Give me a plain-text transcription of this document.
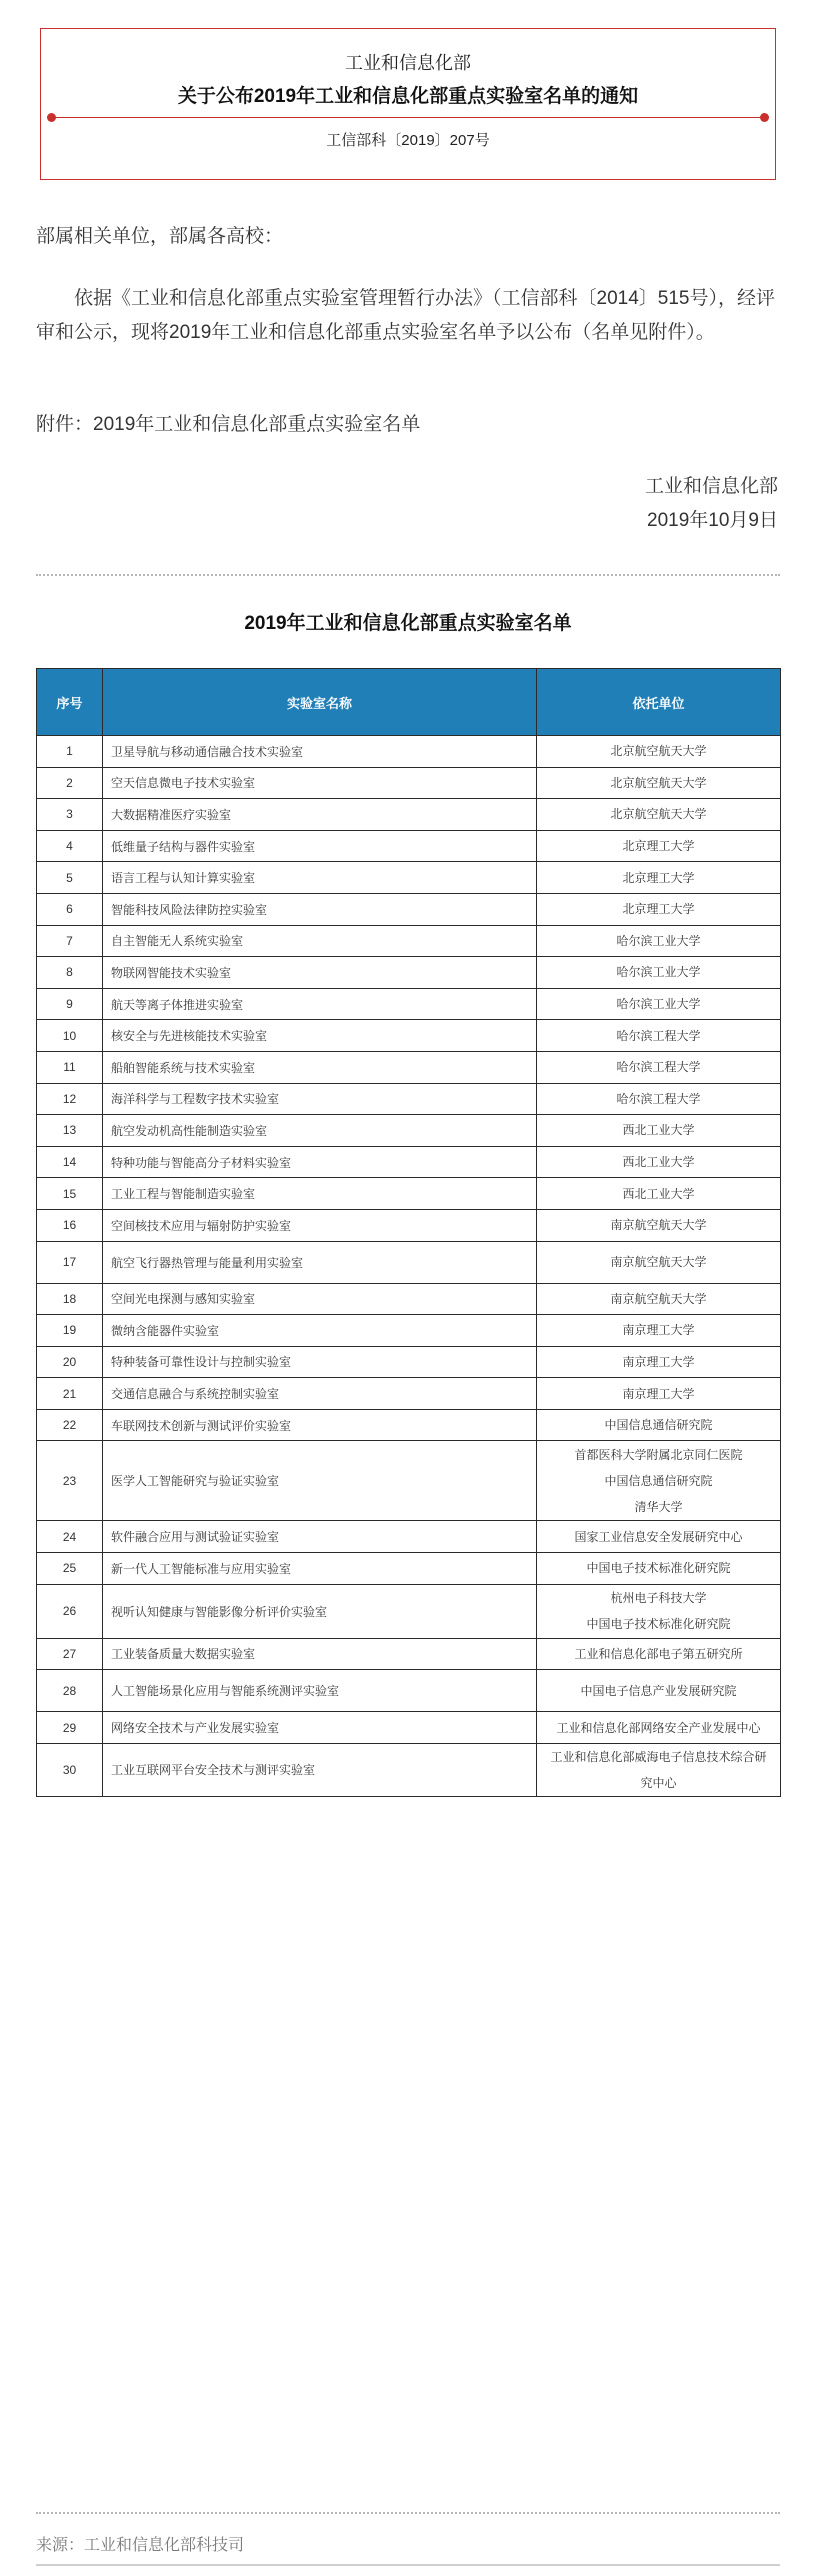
工业和信息化部
关于公布2019年工业和信息化部重点实验室名单的通知
工信部科〔2019〕207号
部属相关单位，部属各高校：
依据《工业和信息化部重点实验室管理暂行办法》（工信部科〔2014〕515号），经评审和公示，现将2019年工业和信息化部重点实验室名单予以公布（名单见附件）。
附件：2019年工业和信息化部重点实验室名单
工业和信息化部
2019年10月9日
2019年工业和信息化部重点实验室名单
序号	实验室名称	依托单位
1	卫星导航与移动通信融合技术实验室	北京航空航天大学

2	空天信息微电子技术实验室	北京航空航天大学

3	大数据精准医疗实验室	北京航空航天大学

4	低维量子结构与器件实验室	北京理工大学

5	语言工程与认知计算实验室	北京理工大学

6	智能科技风险法律防控实验室	北京理工大学

7	自主智能无人系统实验室	哈尔滨工业大学

8	物联网智能技术实验室	哈尔滨工业大学

9	航天等离子体推进实验室	哈尔滨工业大学

10	核安全与先进核能技术实验室	哈尔滨工程大学

11	船舶智能系统与技术实验室	哈尔滨工程大学

12	海洋科学与工程数字技术实验室	哈尔滨工程大学

13	航空发动机高性能制造实验室	西北工业大学

14	特种功能与智能高分子材料实验室	西北工业大学

15	工业工程与智能制造实验室	西北工业大学

16	空间核技术应用与辐射防护实验室	南京航空航天大学

17	航空飞行器热管理与能量利用实验室	南京航空航天大学

18	空间光电探测与感知实验室	南京航空航天大学

19	微纳含能器件实验室	南京理工大学

20	特种装备可靠性设计与控制实验室	南京理工大学

21	交通信息融合与系统控制实验室	南京理工大学

22	车联网技术创新与测试评价实验室	中国信息通信研究院

23	医学人工智能研究与验证实验室	首都医科大学附属北京同仁医院
中国信息通信研究院
清华大学

24	软件融合应用与测试验证实验室	国家工业信息安全发展研究中心

25	新一代人工智能标准与应用实验室	中国电子技术标准化研究院

26	视听认知健康与智能影像分析评价实验室	杭州电子科技大学
中国电子技术标准化研究院

27	工业装备质量大数据实验室	工业和信息化部电子第五研究所

28	人工智能场景化应用与智能系统测评实验室	中国电子信息产业发展研究院

29	网络安全技术与产业发展实验室	工业和信息化部网络安全产业发展中心

30	工业互联网平台安全技术与测评实验室	工业和信息化部威海电子信息技术综合研究中心
来源：工业和信息化部科技司
